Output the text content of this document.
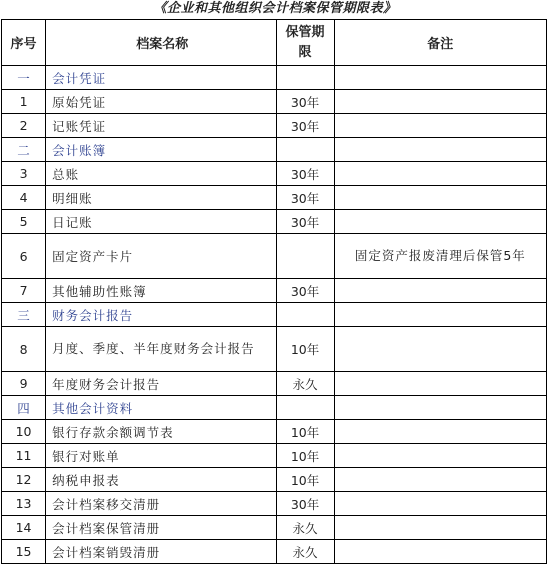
《企业和其他组织会计档案保管期限表》
序号	档案名称	保管期限	备注
一	会计凭证		
1	原始凭证	30年	
2	记账凭证	30年	
二	会计账簿		
3	总账	30年	
4	明细账	30年	
5	日记账	30年	
6	固定资产卡片		固定资产报废清理后保管5年
7	其他辅助性账簿	30年	
三	财务会计报告		
8	月度、季度、半年度财务会计报告	10年	
9	年度财务会计报告	永久	
四	其他会计资料		
10	银行存款余额调节表	10年	
11	银行对账单	10年	
12	纳税申报表	10年	
13	会计档案移交清册	30年	
14	会计档案保管清册	永久	
15	会计档案销毁清册	永久	
